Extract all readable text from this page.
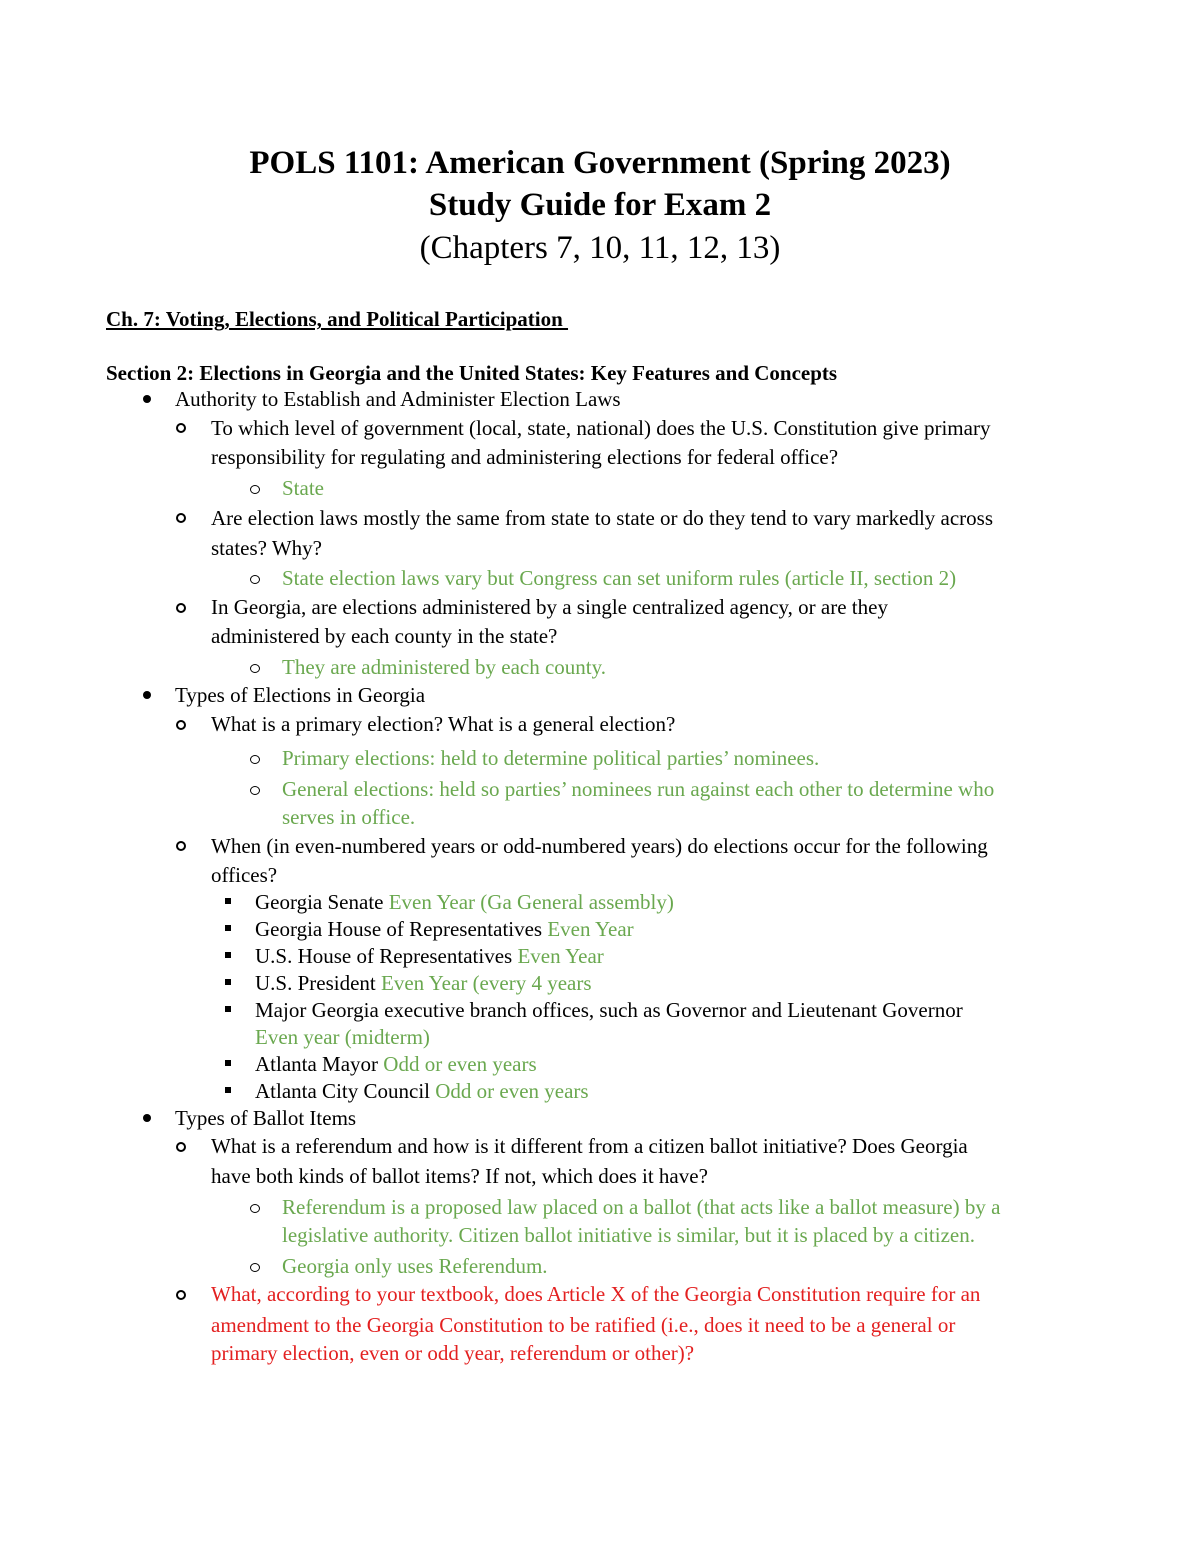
POLS 1101: American Government (Spring 2023)
Study Guide for Exam 2
(Chapters 7, 10, 11, 12, 13)
Ch. 7: Voting, Elections, and Political Participation
Section 2: Elections in Georgia and the United States: Key Features and Concepts
Authority to Establish and Administer Election Laws
To which level of government (local, state, national) does the U.S. Constitution give primary
responsibility for regulating and administering elections for federal office?
State
Are election laws mostly the same from state to state or do they tend to vary markedly across
states? Why?
State election laws vary but Congress can set uniform rules (article II, section 2)
In Georgia, are elections administered by a single centralized agency, or are they
administered by each county in the state?
They are administered by each county.
Types of Elections in Georgia
What is a primary election? What is a general election?
Primary elections: held to determine political parties’ nominees.
General elections: held so parties’ nominees run against each other to determine who
serves in office.
When (in even-numbered years or odd-numbered years) do elections occur for the following
offices?
Georgia Senate Even Year (Ga General assembly)
Georgia House of Representatives Even Year
U.S. House of Representatives Even Year
U.S. President Even Year (every 4 years
Major Georgia executive branch offices, such as Governor and Lieutenant Governor
Even year (midterm)
Atlanta Mayor Odd or even years
Atlanta City Council Odd or even years
Types of Ballot Items
What is a referendum and how is it different from a citizen ballot initiative? Does Georgia
have both kinds of ballot items? If not, which does it have?
Referendum is a proposed law placed on a ballot (that acts like a ballot measure) by a
legislative authority. Citizen ballot initiative is similar, but it is placed by a citizen.
Georgia only uses Referendum.
What, according to your textbook, does Article X of the Georgia Constitution require for an
amendment to the Georgia Constitution to be ratified (i.e., does it need to be a general or
primary election, even or odd year, referendum or other)?
